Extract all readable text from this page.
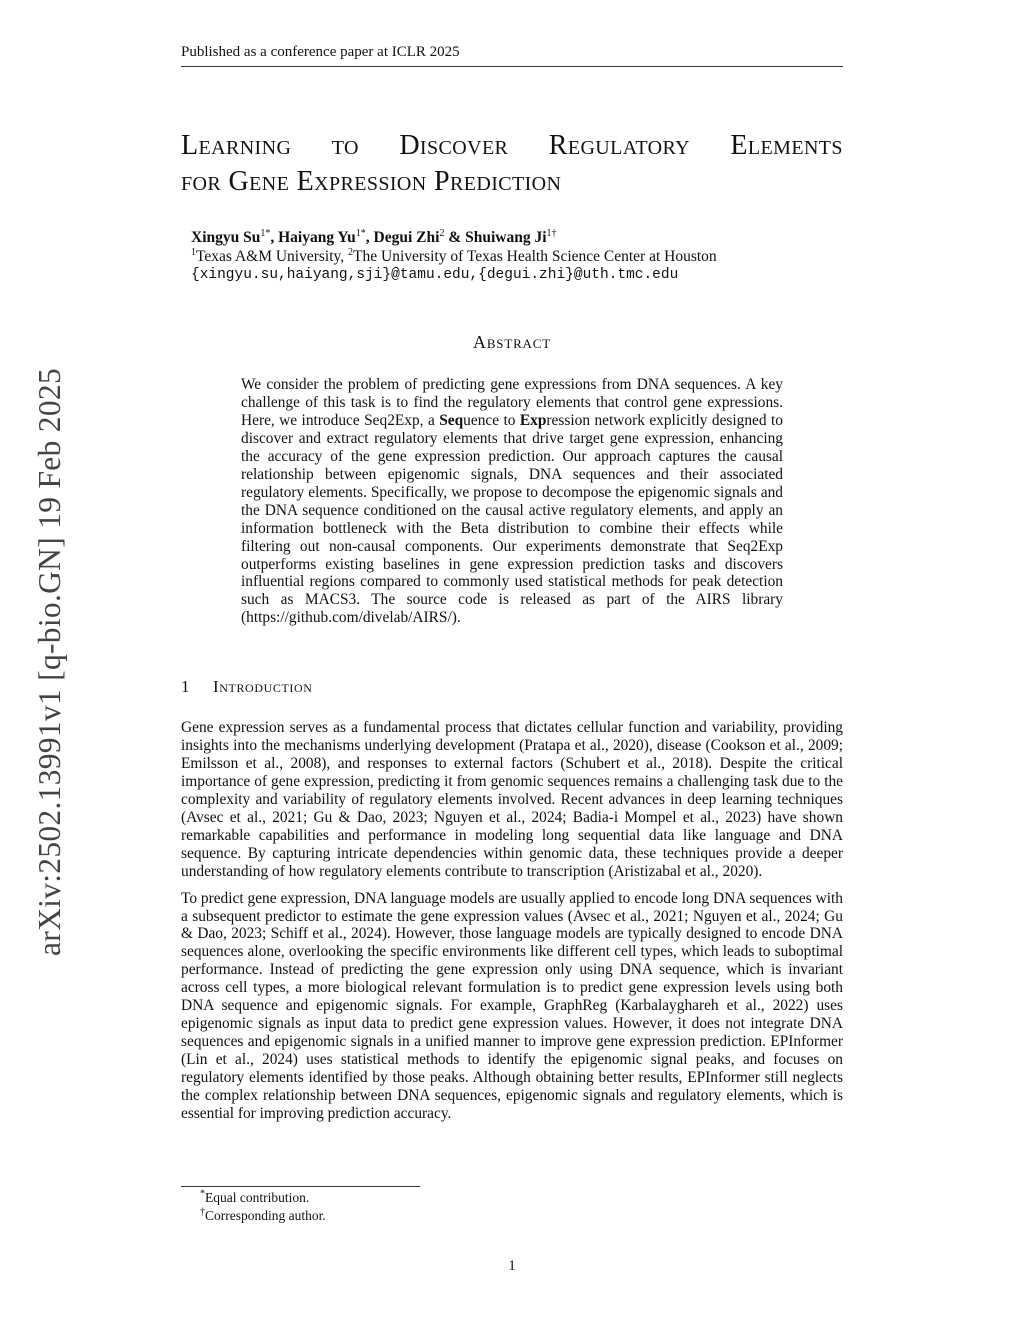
Published as a conference paper at ICLR 2025
arXiv:2502.13991v1 [q-bio.GN] 19 Feb 2025
Learning to Discover Regulatory Elements
for Gene Expression Prediction
Xingyu $Su^{1*}$, Haiyang $Yu^{1*}$, Degui Zhi$^2$ & Shuiwang $Ji^{1\dagger}$
$^1$Texas A&M University, $^2$The University of Texas Health Science Center at Houston
{xingyu.su,haiyang,sji}@tamu.edu,{degui.zhi}@uth.tmc.edu
Abstract
We consider the problem of predicting gene expressions from DNA sequences. A key challenge of this task is to find the regulatory elements that control gene expressions. Here, we introduce Seq2Exp, a Sequence to Expression network explicitly designed to discover and extract regulatory elements that drive target gene expression, enhancing the accuracy of the gene expression prediction. Our approach captures the causal relationship between epigenomic signals, DNA sequences and their associated regulatory elements. Specifically, we propose to decompose the epigenomic signals and the DNA sequence conditioned on the causal active regulatory elements, and apply an information bottleneck with the Beta distribution to combine their effects while filtering out non-causal components. Our experiments demonstrate that Seq2Exp outperforms existing baselines in gene expression prediction tasks and discovers influential regions compared to commonly used statistical methods for peak detection such as MACS3. The source code is released as part of the AIRS library (https://github.com/divelab/AIRS/).
1 Introduction

Gene expression serves as a fundamental process that dictates cellular function and variability, providing insights into the mechanisms underlying development (Pratapa et al., 2020), disease (Cookson et al., 2009; Emilsson et al., 2008), and responses to external factors (Schubert et al., 2018). Despite the critical importance of gene expression, predicting it from genomic sequences remains a challenging task due to the complexity and variability of regulatory elements involved. Recent advances in deep learning techniques (Avsec et al., 2021; Gu & Dao, 2023; Nguyen et al., 2024; Badia-i Mompel et al., 2023) have shown remarkable capabilities and performance in modeling long sequential data like language and DNA sequence. By capturing intricate dependencies within genomic data, these techniques provide a deeper understanding of how regulatory elements contribute to transcription (Aristizabal et al., 2020).

To predict gene expression, DNA language models are usually applied to encode long DNA sequences with a subsequent predictor to estimate the gene expression values (Avsec et al., 2021; Nguyen et al., 2024; Gu & Dao, 2023; Schiff et al., 2024). However, those language models are typically designed to encode DNA sequences alone, overlooking the specific environments like different cell types, which leads to suboptimal performance. Instead of predicting the gene expression only using DNA sequence, which is invariant across cell types, a more biological relevant formulation is to predict gene expression levels using both DNA sequence and epigenomic signals. For example, GraphReg (Karbalayghareh et al., 2022) uses epigenomic signals as input data to predict gene expression values. However, it does not integrate DNA sequences and epigenomic signals in a unified manner to improve gene expression prediction. EPInformer (Lin et al., 2024) uses statistical methods to identify the epigenomic signal peaks, and focuses on regulatory elements identified by those peaks. Although obtaining better results, EPInformer still neglects the complex relationship between DNA sequences, epigenomic signals and regulatory elements, which is essential for improving prediction accuracy.

*Equal contribution.
†Corresponding author.
1
